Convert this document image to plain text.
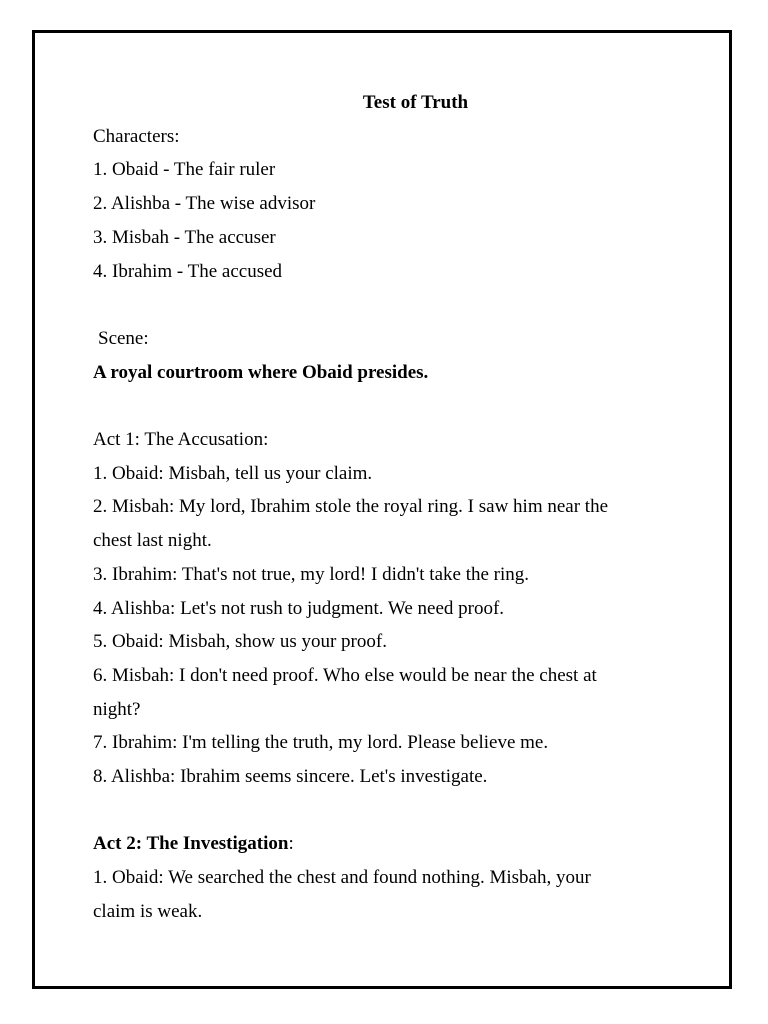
Test of Truth

Characters:

1. Obaid - The fair ruler

2. Alishba - The wise advisor

3. Misbah - The accuser

4. Ibrahim - The accused

Scene:

A royal courtroom where Obaid presides.

Act 1: The Accusation:

1. Obaid: Misbah, tell us your claim.

2. Misbah: My lord, Ibrahim stole the royal ring. I saw him near the

chest last night.

3. Ibrahim: That's not true, my lord! I didn't take the ring.

4. Alishba: Let's not rush to judgment. We need proof.

5. Obaid: Misbah, show us your proof.

6. Misbah: I don't need proof. Who else would be near the chest at

night?

7. Ibrahim: I'm telling the truth, my lord. Please believe me.

8. Alishba: Ibrahim seems sincere. Let's investigate.

Act 2: The Investigation:

1. Obaid: We searched the chest and found nothing. Misbah, your

claim is weak.
